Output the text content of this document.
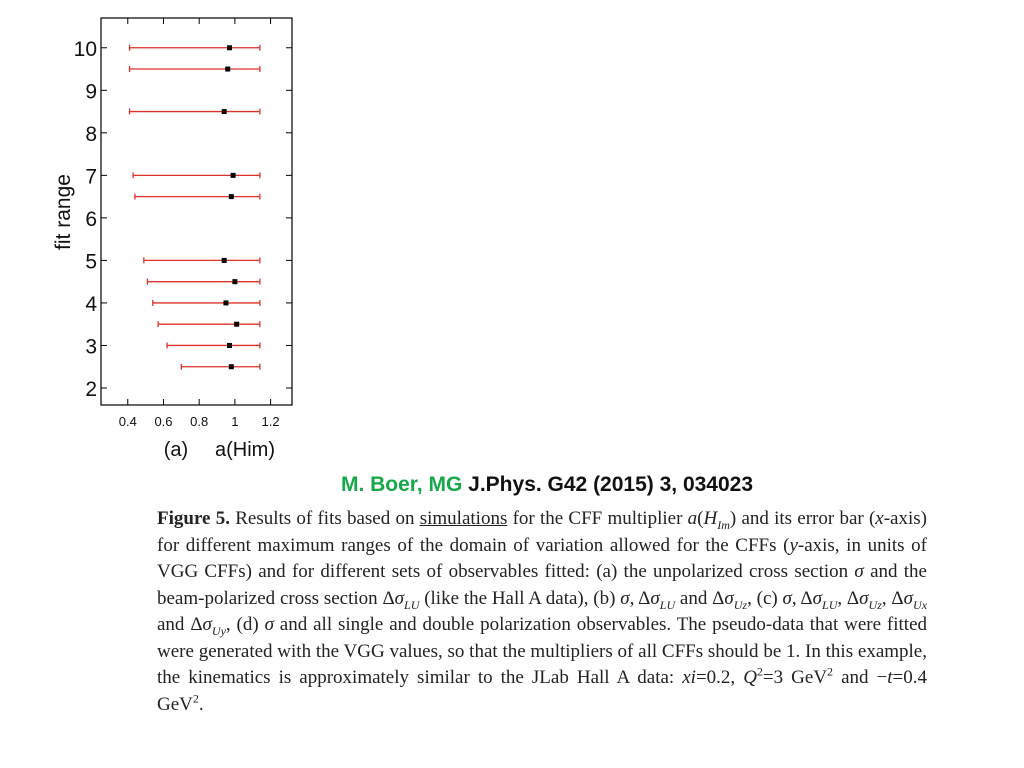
0.4 0.6 0.8 1 1.2
2
3
4
5
6
7
8
9
10
(a) a(Him)
fit range
M. Boer, MG J.Phys. G42 (2015) 3, 034023
Figure 5. Results of fits based on simulations for the CFF multiplier $a(H_{Im})$ and its error bar (x-axis) for different maximum ranges of the domain of variation allowed for the CFFs (y-axis, in units of VGG CFFs) and for different sets of observables fitted: (a) the unpolarized cross section σ and the beam-polarized cross section $\Delta\sigma_{LU}$ (like the Hall A data), (b) σ, $\Delta\sigma_{LU}$ and $\Delta\sigma_{Uz}$, (c) σ, $\Delta\sigma_{LU}$, $\Delta\sigma_{Uz}$, $\Delta\sigma_{Ux}$ and $\Delta\sigma_{Uy}$, (d) σ and all single and double polarization observables. The pseudo-data that were fitted were generated with the VGG values, so that the multipliers of all CFFs should be 1. In this example, the kinematics is approximately similar to the JLab Hall A data: xi=0.2, $Q^2=3$ GeV$^2$ and −t=0.4 GeV$^2$.
